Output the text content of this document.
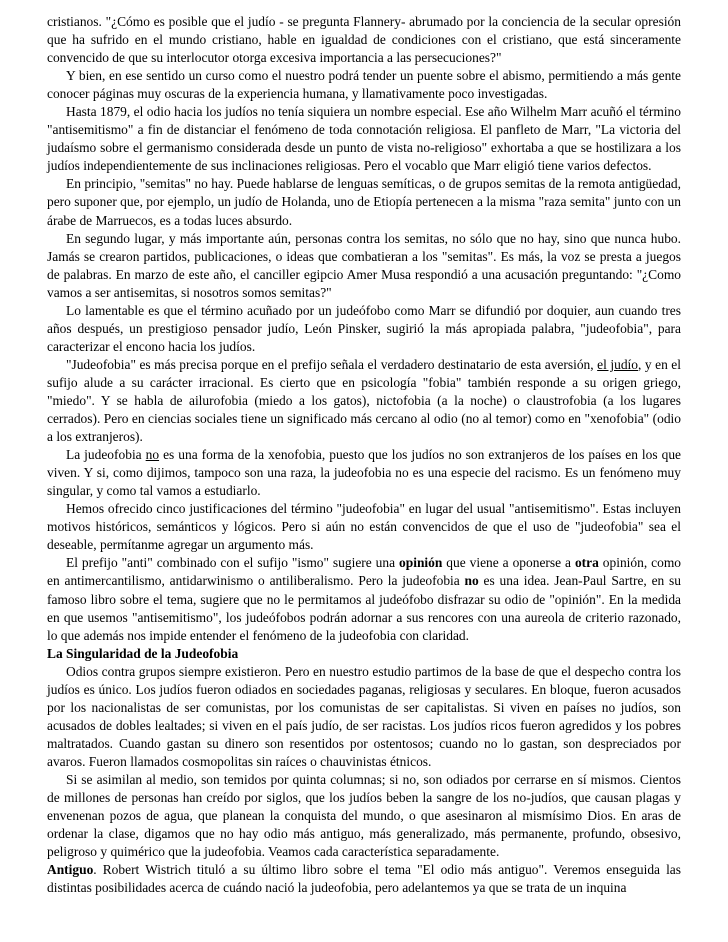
cristianos. "¿Cómo es posible que el judío - se pregunta Flannery- abrumado por la conciencia de la secular opresión que ha sufrido en el mundo cristiano, hable en igualdad de condiciones con el cristiano, que está sinceramente convencido de que su interlocutor otorga excesiva importancia a las persecuciones?"

Y bien, en ese sentido un curso como el nuestro podrá tender un puente sobre el abismo, permitiendo a más gente conocer páginas muy oscuras de la experiencia humana, y llamativamente poco investigadas.

Hasta 1879, el odio hacia los judíos no tenía siquiera un nombre especial. Ese año Wilhelm Marr acuñó el término "antisemitismo" a fin de distanciar el fenómeno de toda connotación religiosa. El panfleto de Marr, "La victoria del judaísmo sobre el germanismo considerada desde un punto de vista no-religioso" exhortaba a que se hostilizara a los judíos independientemente de sus inclinaciones religiosas. Pero el vocablo que Marr eligió tiene varios defectos.

En principio, "semitas" no hay. Puede hablarse de lenguas semíticas, o de grupos semitas de la remota antigüedad, pero suponer que, por ejemplo, un judío de Holanda, uno de Etiopía pertenecen a la misma "raza semita" junto con un árabe de Marruecos, es a todas luces absurdo.

En segundo lugar, y más importante aún, personas contra los semitas, no sólo que no hay, sino que nunca hubo. Jamás se crearon partidos, publicaciones, o ideas que combatieran a los "semitas". Es más, la voz se presta a juegos de palabras. En marzo de este año, el canciller egipcio Amer Musa respondió a una acusación preguntando: "¿Como vamos a ser antisemitas, si nosotros somos semitas?"

Lo lamentable es que el término acuñado por un judeófobo como Marr se difundió por doquier, aun cuando tres años después, un prestigioso pensador judío, León Pinsker, sugirió la más apropiada palabra, "judeofobia", para caracterizar el encono hacia los judíos.

"Judeofobia" es más precisa porque en el prefijo señala el verdadero destinatario de esta aversión, el judío, y en el sufijo alude a su carácter irracional. Es cierto que en psicología "fobia" también responde a su origen griego, "miedo". Y se habla de ailurofobia (miedo a los gatos), nictofobia (a la noche) o claustrofobia (a los lugares cerrados). Pero en ciencias sociales tiene un significado más cercano al odio (no al temor) como en "xenofobia" (odio a los extranjeros).

La judeofobia no es una forma de la xenofobia, puesto que los judíos no son extranjeros de los países en los que viven. Y si, como dijimos, tampoco son una raza, la judeofobia no es una especie del racismo. Es un fenómeno muy singular, y como tal vamos a estudiarlo.

Hemos ofrecido cinco justificaciones del término "judeofobia" en lugar del usual "antisemitismo". Estas incluyen motivos históricos, semánticos y lógicos. Pero si aún no están convencidos de que el uso de "judeofobia" sea el deseable, permítanme agregar un argumento más.

El prefijo "anti" combinado con el sufijo "ismo" sugiere una opinión que viene a oponerse a otra opinión, como en antimercantilismo, antidarwinismo o antiliberalismo. Pero la judeofobia no es una idea. Jean-Paul Sartre, en su famoso libro sobre el tema, sugiere que no le permitamos al judeófobo disfrazar su odio de "opinión". En la medida en que usemos "antisemitismo", los judeófobos podrán adornar a sus rencores con una aureola de criterio razonado, lo que además nos impide entender el fenómeno de la judeofobia con claridad.

La Singularidad de la Judeofobia

Odios contra grupos siempre existieron. Pero en nuestro estudio partimos de la base de que el despecho contra los judíos es único. Los judíos fueron odiados en sociedades paganas, religiosas y seculares. En bloque, fueron acusados por los nacionalistas de ser comunistas, por los comunistas de ser capitalistas. Si viven en países no judíos, son acusados de dobles lealtades; si viven en el país judío, de ser racistas. Los judíos ricos fueron agredidos y los pobres maltratados. Cuando gastan su dinero son resentidos por ostentosos; cuando no lo gastan, son despreciados por avaros. Fueron llamados cosmopolitas sin raíces o chauvinistas étnicos.

Si se asimilan al medio, son temidos por quinta columnas; si no, son odiados por cerrarse en sí mismos. Cientos de millones de personas han creído por siglos, que los judíos beben la sangre de los no-judíos, que causan plagas y envenenan pozos de agua, que planean la conquista del mundo, o que asesinaron al mismísimo Dios. En aras de ordenar la clase, digamos que no hay odio más antiguo, más generalizado, más permanente, profundo, obsesivo, peligroso y quimérico que la judeofobia. Veamos cada característica separadamente.

Antiguo. Robert Wistrich tituló a su último libro sobre el tema "El odio más antiguo". Veremos enseguida las distintas posibilidades acerca de cuándo nació la judeofobia, pero adelantemos ya que se trata de un inquina
